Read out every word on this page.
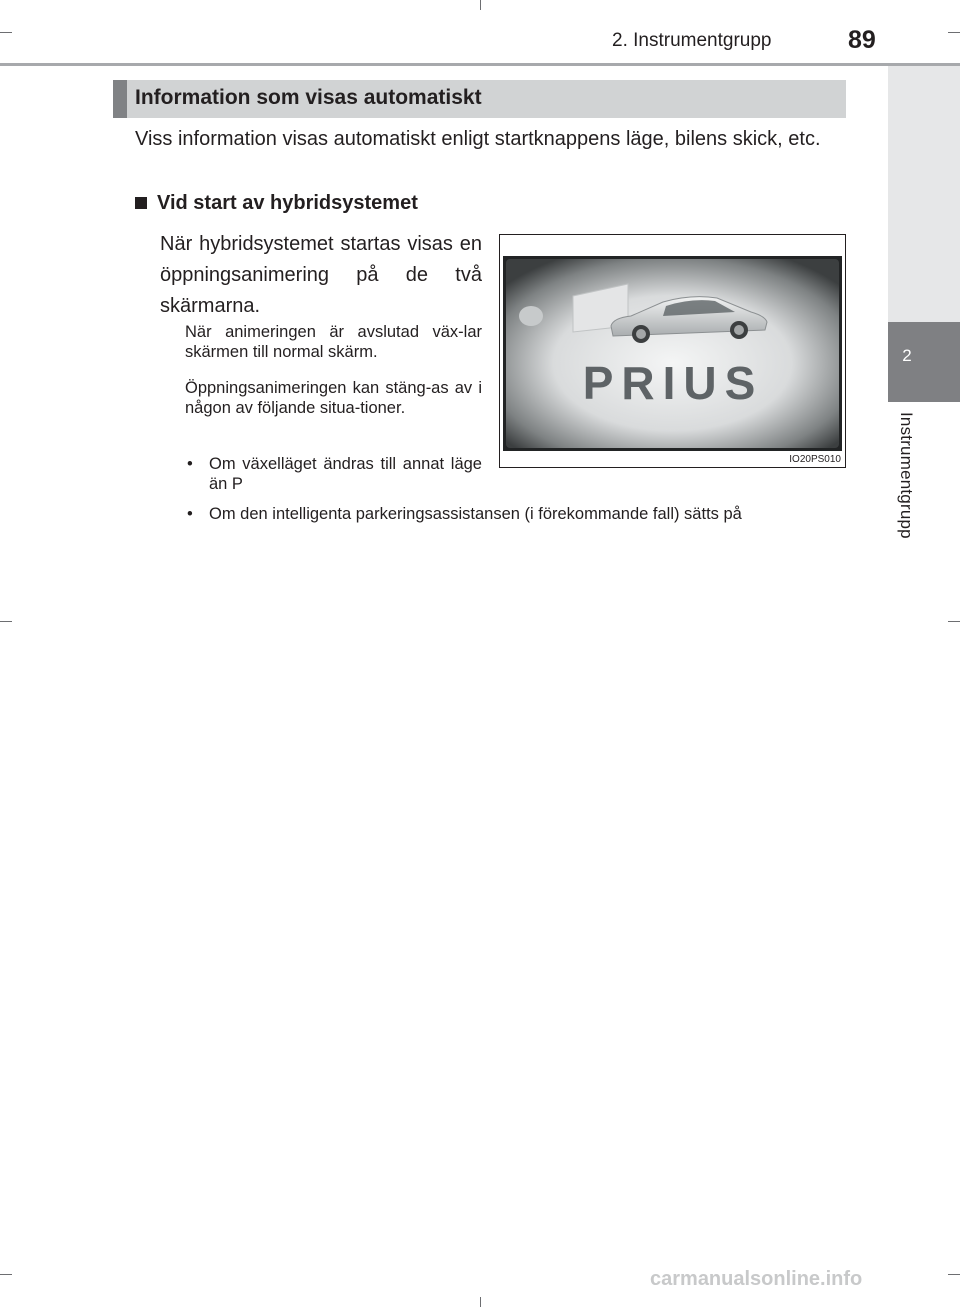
2. Instrumentgrupp	89
2
Instrumentgrupp
Information som visas automatiskt
Viss information visas automatiskt enligt startknappens läge, bilens skick, etc.
Vid start av hybridsystemet
När hybridsystemet startas visas en öppningsanimering på de två skärmarna.

När animeringen är avslutad väx-lar skärmen till normal skärm.

Öppningsanimeringen kan stäng-as av i någon av följande situa-tioner.

• Om växelläget ändras till annat läge än P

• Om den intelligenta parkeringsassistansen (i förekommande fall) sätts på

PRIUS
IO20PS010
carmanualsonline.info
